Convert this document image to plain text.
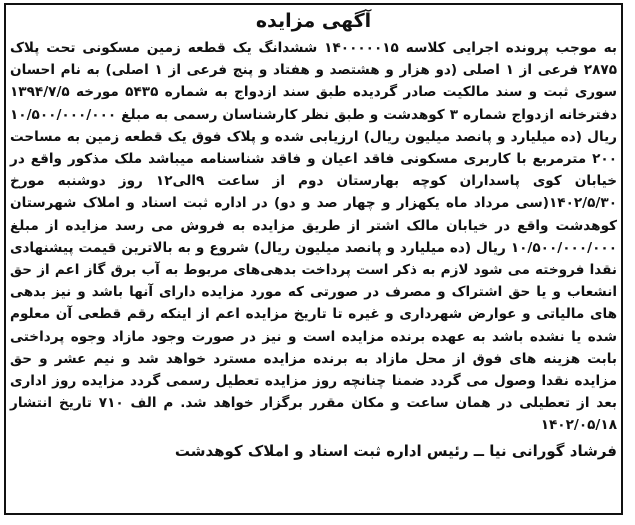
آگهی مزایده
به موجب پرونده اجرایی کلاسه ۱۴۰۰۰۰۰۱۵ ششدانگ یک قطعه زمین مسکونی تحت پلاک ۲۸۷۵ فرعی از ۱ اصلی (دو هزار و هشتصد و هفتاد و پنج فرعی از ۱ اصلی) به نام احسان سوری ثبت و سند مالکیت صادر گردیده طبق سند ازدواج به شماره ۵۴۳۵ مورخه ۱۳۹۴/۷/۵ دفترخانه ازدواج شماره ۳ کوهدشت و طبق نظر کارشناسان رسمی به مبلغ ۱۰/۵۰۰/۰۰۰/۰۰۰ ریال (ده میلیارد و پانصد میلیون ریال) ارزیابی شده و پلاک فوق یک قطعه زمین به مساحت ۲۰۰ مترمربع با کاربری مسکونی فاقد اعیان و فاقد شناسنامه میباشد ملک مذکور واقع در خیابان کوی پاسداران کوچه بهارستان دوم از ساعت ۹الی۱۲ روز دوشنبه مورخ ۱۴۰۲/۵/۳۰(سی مرداد ماه یکهزار و چهار صد و دو) در اداره ثبت اسناد و املاک شهرستان کوهدشت واقع در خیابان مالک اشتر از طریق مزایده به فروش می رسد مزایده از مبلغ ۱۰/۵۰۰/۰۰۰/۰۰۰ ریال (ده میلیارد و پانصد میلیون ریال) شروع و به بالاترین قیمت پیشنهادی نقدا فروخته می شود لازم به ذکر است پرداخت بدهی‌های مربوط به آب برق گاز اعم از حق انشعاب و یا حق اشتراک و مصرف در صورتی که مورد مزایده دارای آنها باشد و نیز بدهی های مالیاتی و عوارض شهرداری و غیره تا تاریخ مزایده اعم از اینکه رقم قطعی آن معلوم شده یا نشده باشد به عهده برنده مزایده است و نیز در صورت وجود مازاد وجوه پرداختی بابت هزینه های فوق از محل مازاد به برنده مزایده مسترد خواهد شد و نیم عشر و حق مزایده نقدا وصول می گردد ضمنا چنانچه روز مزایده تعطیل رسمی گردد مزایده روز اداری بعد از تعطیلی در همان ساعت و مکان مقرر برگزار خواهد شد. م الف ۷۱۰ تاریخ انتشار ۱۴۰۲/۰۵/۱۸
فرشاد گورانی نیا ــ رئیس اداره ثبت اسناد و املاک کوهدشت
